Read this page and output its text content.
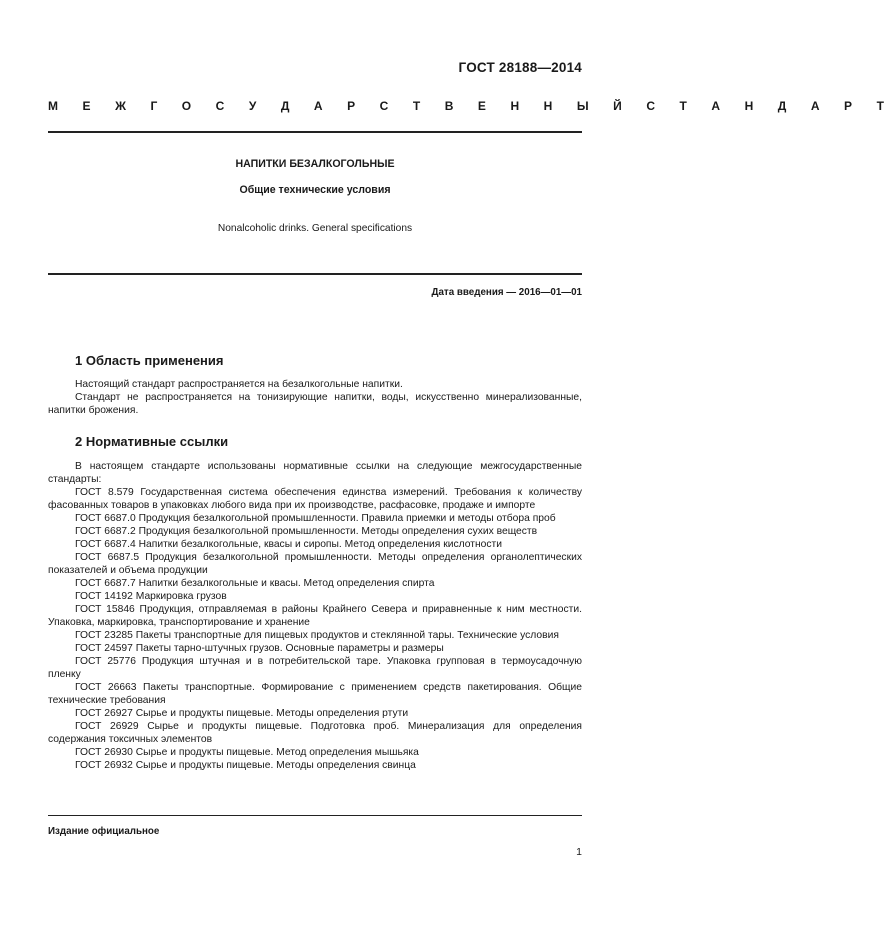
ГОСТ 28188—2014
М Е Ж Г О С У Д А Р С Т В Е Н Н Ы Й С Т А Н Д А Р Т
НАПИТКИ БЕЗАЛКОГОЛЬНЫЕ
Общие технические условия
Nonalcoholic drinks. General specifications
Дата введения — 2016—01—01
1 Область применения

Настоящий стандарт распространяется на безалкогольные напитки.

Стандарт не распространяется на тонизирующие напитки, воды, искусственно минерализованные, напитки брожения.

2 Нормативные ссылки

В настоящем стандарте использованы нормативные ссылки на следующие межгосударственные стандарты:

ГОСТ 8.579 Государственная система обеспечения единства измерений. Требования к количеству фасованных товаров в упаковках любого вида при их производстве, расфасовке, продаже и импорте

ГОСТ 6687.0 Продукция безалкогольной промышленности. Правила приемки и методы отбора проб

ГОСТ 6687.2 Продукция безалкогольной промышленности. Методы определения сухих веществ

ГОСТ 6687.4 Напитки безалкогольные, квасы и сиропы. Метод определения кислотности

ГОСТ 6687.5 Продукция безалкогольной промышленности. Методы определения органолептических показателей и объема продукции

ГОСТ 6687.7 Напитки безалкогольные и квасы. Метод определения спирта

ГОСТ 14192 Маркировка грузов

ГОСТ 15846 Продукция, отправляемая в районы Крайнего Севера и приравненные к ним местности. Упаковка, маркировка, транспортирование и хранение

ГОСТ 23285 Пакеты транспортные для пищевых продуктов и стеклянной тары. Технические условия

ГОСТ 24597 Пакеты тарно-штучных грузов. Основные параметры и размеры

ГОСТ 25776 Продукция штучная и в потребительской таре. Упаковка групповая в термоусадочную пленку

ГОСТ 26663 Пакеты транспортные. Формирование с применением средств пакетирования. Общие технические требования

ГОСТ 26927 Сырье и продукты пищевые. Методы определения ртути

ГОСТ 26929 Сырье и продукты пищевые. Подготовка проб. Минерализация для определения содержания токсичных элементов

ГОСТ 26930 Сырье и продукты пищевые. Метод определения мышьяка

ГОСТ 26932 Сырье и продукты пищевые. Методы определения свинца

Издание официальное
1
